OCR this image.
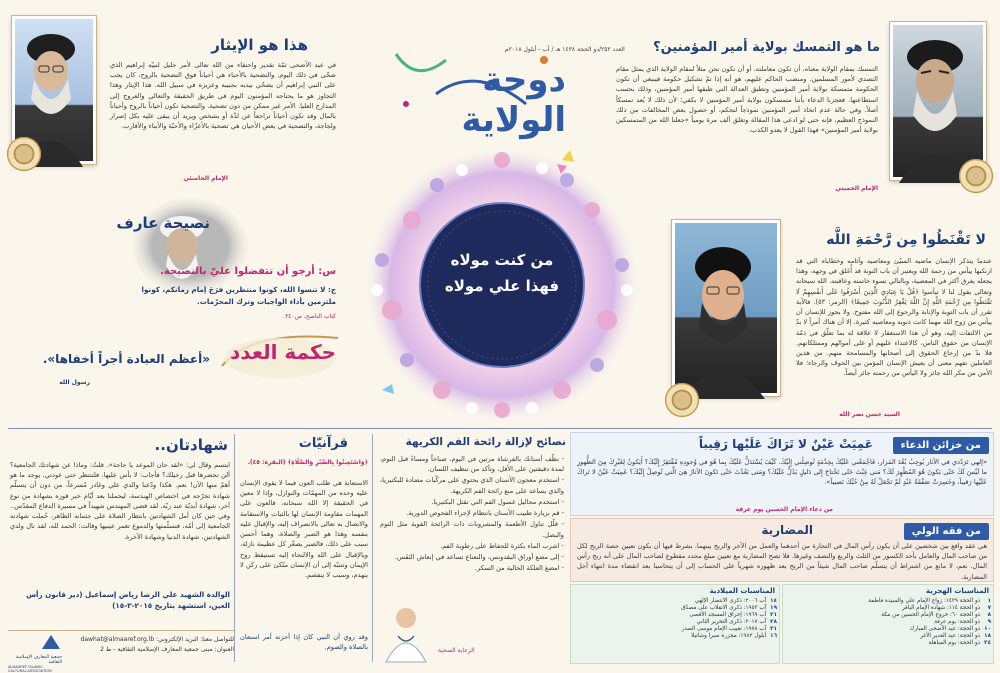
هذا هو الإيثار

في عيد الأضحى ثمّة تقدير واحتفاء من الله تعالى لأمر جليل لنبيّه إبراهيم الذي ضحّى في ذلك اليوم. والتضحية بالأحباء هي أحياناً فوق التضحية بالروح، كان يجب على النبي إبراهيم أن يضحّي بيديه بحبيبه وعزيزه في سبيل الله. هذا الإيثار وهذا التجاوز هو ما يحتاجه المؤمنون اليوم في طريق الحقيقة والتعالي والعروج إلى المدارج العليا. الأمر غير ممكن من دون تضحية. والتضحية تكون أحياناً بالروح وأحياناً بالمال وقد تكون أحياناً تراجعاً عن لذّة أو بشخص ويريد أن يبقى عليه بكل إصرار ولجاجة، والتضحية في بعض الأحيان هي تضحية بالأعزّاء والأحبّة والأبناء والأقارب.

الإمام الخامنئي
العدد ٢٥٢/ذو الحجة ١٤٣٨ هـ / آب - أيلول ٢٠١٨م
دوحة الولاية
ما هو التمسك بولاية أمير المؤمنين؟

التمسك بمقام الولاية معناه، أن تكون معاملته. أو أن نكون نحن مثلاً لمقام الولاية الذي يمثل مقام التصدي لأمور المسلمين. ومنصب الحاكم عليهم، هو أنه إذا تمّ تشكيل حكومة فينبغي أن تكون الحكومة متمسكة بولاية أمير المؤمنين وتطبق العدالة التي طبقها أمير المؤمنين، وذلك بحسب استطاعتها. فعجزنا الدعاء بأننا متمسكون بولاية أمير المؤمنين لا يكفي؛ لأن ذلك لا يُعد تمسكاً أصلاً. وفي حالة عدم اتخاذ أمير المؤمنين نموذجاً لتحكم، أو حصول بعض المخالفات من ذلك النموذج العظيم، فإنه حتى لو ادعى هذا المقالة وتغلق ألف مرة يومياً «جعلنا الله من المتمسكين بولاية أمير المؤمنين» فهذا القول لا يعدو الكذب.

الإمام الخميني
من كنت مولاه فهذا علي مولاه
نصيحة عارف
س: أرجو أن تتفضلوا عليّ بالنصيحة.
ج: لا تنسوا الله، كونوا منتظرين فرَجَ إمام زمانكم، كونوا ملتزمين بأداء الواجبات وترك المحرّمات.
كتاب الناصح، ص٣٤٠.
حكمة العدد
«أعظم العبادة أجراً أخفاها».
رسول الله
لا تَقْنَطُوا مِن رَّحْمَةِ اللَّه

عندما يتذكر الإنسان ماضيه السيّئ ومعاصيه وآثامه وخطاياه التي قد ارتكبها ييأس من رحمة الله ويعتبر أن باب التوبة قد أُغلق في وجهه، وهذا يجعله يغرق أكثر في المعصية، وبالتالي تسوء خاتمته وعاقبته. الله سبحانه وتعالى يقول لنا لا تيأسوا ﴿قُلْ يَا عِبَادِيَ الَّذِينَ أَسْرَفُوا عَلَى أَنفُسِهِمْ لَا تَقْنَطُوا مِن رَّحْمَةِ اللَّهِ إِنَّ اللَّهَ يَغْفِرُ الذُّنُوبَ جَمِيعًا﴾ (الزمر: ٥٣). فالآية تقرر أن باب التوبة والإنابة والرجوع إلى الله مفتوح. ولا يجوز للإنسان أن ييأس من رَوح الله مهما كانت ذنوبه ومعاصيه كثيرة. إلا أن هناك أمراً لا بدّ من الالتفات إليه، وهو أن هذا الاستغفار لا علاقة له بما تعلّق في ذمّة الإنسان من حقوق الناس، كالاعتداء عليهم أو على أموالهم وممتلكاتهم. فلا بدّ من إرجاع الحقوق إلى أصحابها والمسامحة منهم. من هذين العاملين نفهم معنى أن يعيش الإنسان المؤمن بين الخوف والرجاء؛ فلا الأمن من مكر الله جائز ولا اليأس من رحمته جائز أيضاً.

السيد حسن نصر الله
من خزائن الدعاء
عَمِيَتْ عَيْنٌ لا تَرَاكَ عَلَيْها رَقِيباً

«إلهي تَرَدّدي في الآثار يُوجِبُ بُعْدَ المَزار، فَاجْمَعْني عَلَيْكَ بِخِدْمَةٍ تُوصِلُني إِلَيْكَ. كَيْفَ يُسْتَدَلُّ عَلَيْكَ بِما هُوَ في وُجودِهِ مُفْتَقِرٌ إِلَيْكَ؟ أَيَكونُ لِغَيْرِكَ مِنَ الظُّهورِ ما لَيْسَ لَكَ حَتّى يَكونَ هُوَ المُظْهِرَ لَكَ؟ مَتى غِبْتَ حَتّى تَحْتاجَ إِلى دَليلٍ يَدُلُّ عَلَيْكَ؟ وَمَتى بَعُدْتَ حَتّى تَكونَ الآثارُ هِيَ الَّتي تُوصِلُ إِلَيْكَ؟ عَمِيَتْ عَيْنٌ لا تَراكَ عَلَيْها رَقيباً، وَخَسِرَتْ صَفْقَةُ عَبْدٍ لَمْ تَجْعَلْ لَهُ مِنْ حُبِّكَ نَصيباً».

من دعاء الإمام الحسين يوم عرفة
من فقه الولي
المضاربة

هي عقد واقع بين شخصين على أن يكون رأس المال في التجارة من أحدهما والعمل من الآخر والربح بينهما. بشرط فيها أن يكون تعيين حصة الربح لكل من صاحب المال والعامل بأحد الكسور من الثلث والربع والنصف وغيرها. فلا تصح المضاربة مع تعيين مبلغ محدد مقطوع لصاحب المال على أنه ربح رأس المال. نعم، لا مانع من اشتراط أن يتسلّم صاحب المال شيئاً من الربح بعد ظهوره شهرياً على الحساب إلى أن يتحاسبا بعد انقضاء مدة انتهاء أجل المضاربة.

المناسبات الهجرية
١	ذو الحجة ١٤٣٩: زواج الإمام علي والسيدة فاطمة
٧	ذو الحجة ١١٤: شهادة الإمام الباقر
٨	ذو الحجة ٦٠: خروج الإمام الحسين من مكة
٩	ذو الحجة: يوم عرفة
١٠	ذو الحجة: عيد الأضحى المبارك
١٨	ذو الحجة: عيد الغدير الأغر
٢٤	ذو الحجة: يوم المباهلة
المناسبات الميلادية
١٤	آب ٢٠٠٦: ذكرى الانتصار الإلهي
١٩	آب ١٩٥٣: ذكرى الانقلاب على مصدّق
٢١	آب ١٩٦٩: إحراق المسجد الأقصى
٢٨	آب ٢٠١٧: ذكرى التحرير الثاني
٣١	آب ١٩٧٨: تغييب الإمام موسى الصدر
١٦	أيلول ١٩٨٢: مجزرة صبرا وشاتيلا
نصائح لإزالة رائحة الفم الكريهة
- نظّف أسنانك بالفرشاة مرتين في اليوم، صباحاً ومساءً قبل النوم، لمدة دقيقتين على الأقل، وتأكد من تنظيف اللسان.
- استخدم معجون الأسنان الذي يحتوي على مركّبات مضادة للبكتيريا، والذي يساعد على منع رائحة الفم الكريهة.
- استخدم محاليل غسول الفم التي تقتل البكتيريا.
- قم بزيارة طبيب الأسنان بانتظام لإجراء الفحوص الدورية.
- قلّل تناول الأطعمة والمشروبات ذات الرائحة القوية مثل الثوم والبصل.
- اشرب الماء بكثرة للحفاظ على رطوبة الفم.
- إلى مضغ أوراق البقدونس، والنعناع تساعد في إنعاش النَفَس.
- امضغ العلكة الخالية من السكر.
الرعاية الصحية
قرآنيّات
﴿وَاسْتَعِينُوا بِالصَّبْرِ وَالصَّلَاةِ﴾ (البقرة: ٤٥).

الاستعانة هي طلب العون فيما لا يقوى الإنسان عليه وحده من المهمّات والنوازل، وإذا لا معين في الحقيقة إلا الله سبحانه، فالعون على المهمات مقاومة الإنسان لها بالثبات والاستقامة والاتصال به تعالى بالانصراف إليه، والإقبال عليه بنفسه وهذا هو الصبر والصلاة، وهما أحسن سبب على ذلك، فالصبر يصغّر كل عظيمة نازلة، وبالإقبال على الله والالتجاء إليه تستيقظ روح الإيمان وتتنبّه إلى أن الإنسان متّكئ على ركن لا ينهدم، وسبب لا ينفصم.

وقد روي أن النبي كان إذا أحزنه أمر استعان بالصلاة والصوم.

شهادتان..

ابتسم وقال لي: «لقد حان الموعد يا حاجة». قلتُ: وماذا عن شهادتك الجامعية؟ ألن تحضرها قبل رحيلك؟ فأجاب: لا بأس عليها. فلتنتظر حتى عودتي. يوجد ما هو أهمّ منها الآن! نعم. هكذا ودّعنا والدي علي وغادر مُسرعاً، من دون أن يتسلّم شهادة تخرّجه في اختصاص الهندسة، ليحملنا بعد أيّام خبر فوزه بشهادة من نوع آخر، شهادة أبديّة عند ربّه. لقد قضى المهندس شهيداً في مسيرة الدفاع المقدّس.. وفي حين كان أمل الشهادتين بانتظار الصلاة على جثمانه الطاهر، حُملت شهادته الجامعية إلى أمّه، فتسلّمتها والدموع تغمر عينيها وقالت: الحمد لله، لقد نال ولدي الشهادتين، شهادة الدنيا وشهادة الآخرة.

الوالدة الشهيد علي الرضا رياض إسماعيل (دير قانون رأس العين، استشهد بتاريخ ٢٠١٥-٣-١٥)
للتواصل معنا: البريد الإلكتروني: dawhat@almaaref.org.lb
العنوان: مبنى جمعية المعارف الإسلامية الثقافية - ط 2
جمعية المعارف الإسلامية الثقافية
ALMAAREF ISLAMIC CULTURAL ASSOCIATION
